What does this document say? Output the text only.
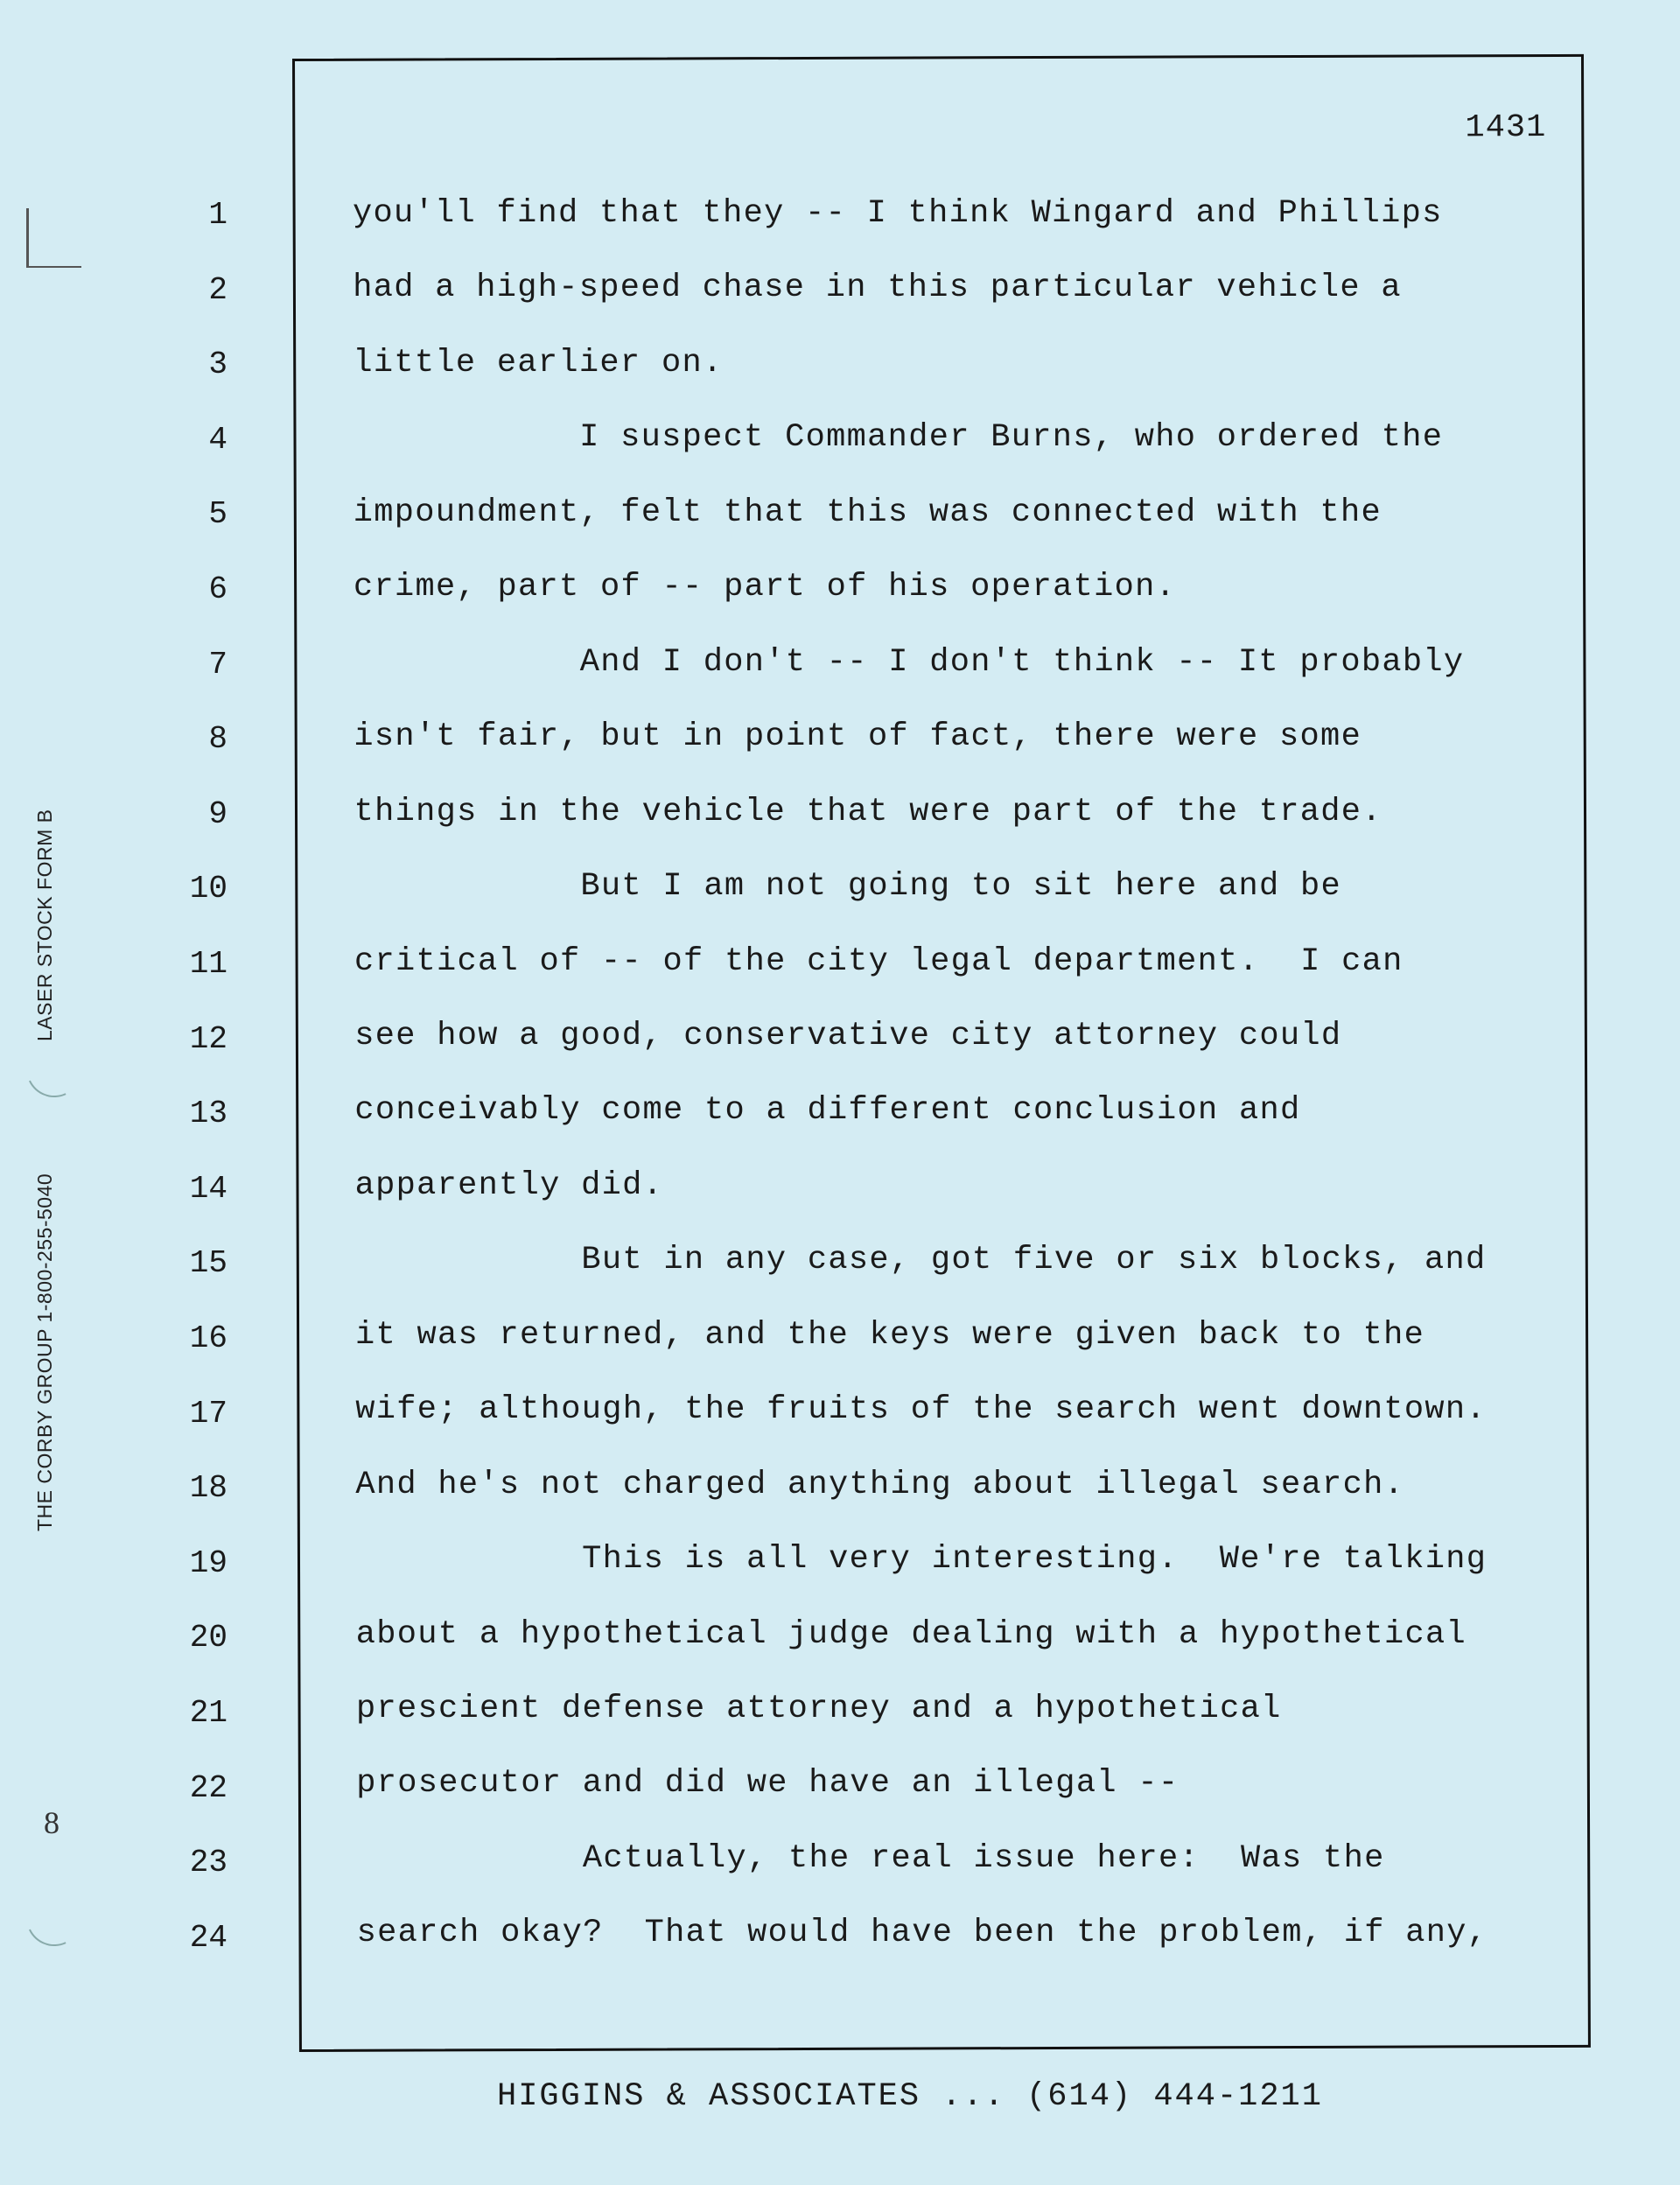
LASER STOCK FORM B
THE CORBY GROUP 1-800-255-5040
8
1431
1	you'll find that they -- I think Wingard and Phillips
2	had a high-speed chase in this particular vehicle a
3	little earlier on.
4	I suspect Commander Burns, who ordered the
5	impoundment, felt that this was connected with the
6	crime, part of -- part of his operation.
7	And I don't -- I don't think -- It probably
8	isn't fair, but in point of fact, there were some
9	things in the vehicle that were part of the trade.
10	But I am not going to sit here and be
11	critical of -- of the city legal department.  I can
12	see how a good, conservative city attorney could
13	conceivably come to a different conclusion and
14	apparently did.
15	But in any case, got five or six blocks, and
16	it was returned, and the keys were given back to the
17	wife; although, the fruits of the search went downtown.
18	And he's not charged anything about illegal search.
19	This is all very interesting.  We're talking
20	about a hypothetical judge dealing with a hypothetical
21	prescient defense attorney and a hypothetical
22	prosecutor and did we have an illegal --
23	Actually, the real issue here:  Was the
24	search okay?  That would have been the problem, if any,
HIGGINS & ASSOCIATES ... (614) 444-1211
